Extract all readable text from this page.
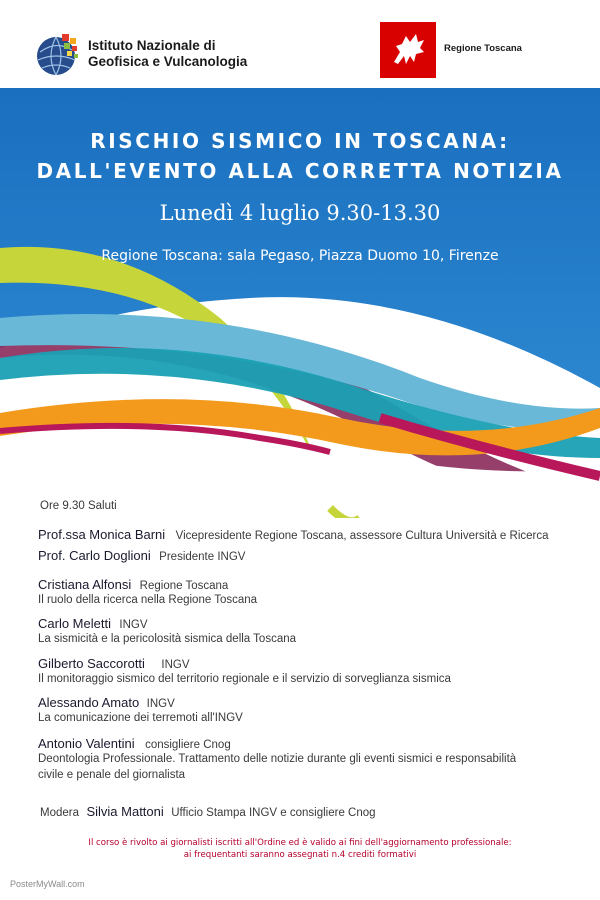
Istituto Nazionale di
Geofisica e Vulcanologia
Regione Toscana
RISCHIO SISMICO IN TOSCANA:
DALL'EVENTO ALLA CORRETTA NOTIZIA
Lunedì 4 luglio 9.30-13.30
Regione Toscana: sala Pegaso, Piazza Duomo 10, Firenze
Ore 9.30 Saluti
Prof.ssa Monica Barni Vicepresidente Regione Toscana, assessore Cultura Università e Ricerca
Prof. Carlo Doglioni Presidente INGV
Cristiana Alfonsi Regione Toscana
Il ruolo della ricerca nella Regione Toscana
Carlo Meletti INGV
La sismicità e la pericolosità sismica della Toscana
Gilberto Saccorotti INGV
Il monitoraggio sismico del territorio regionale e il servizio di sorveglianza sismica
Alessando Amato INGV
La comunicazione dei terremoti all'INGV
Antonio Valentini consigliere Cnog
Deontologia Professionale. Trattamento delle notizie durante gli eventi sismici e responsabilità
civile e penale del giornalista
Modera Silvia Mattoni Ufficio Stampa INGV e consigliere Cnog
Il corso è rivolto ai giornalisti iscritti all'Ordine ed è valido ai fini dell'aggiornamento professionale:
ai frequentanti saranno assegnati n.4 crediti formativi
PosterMyWall.com
